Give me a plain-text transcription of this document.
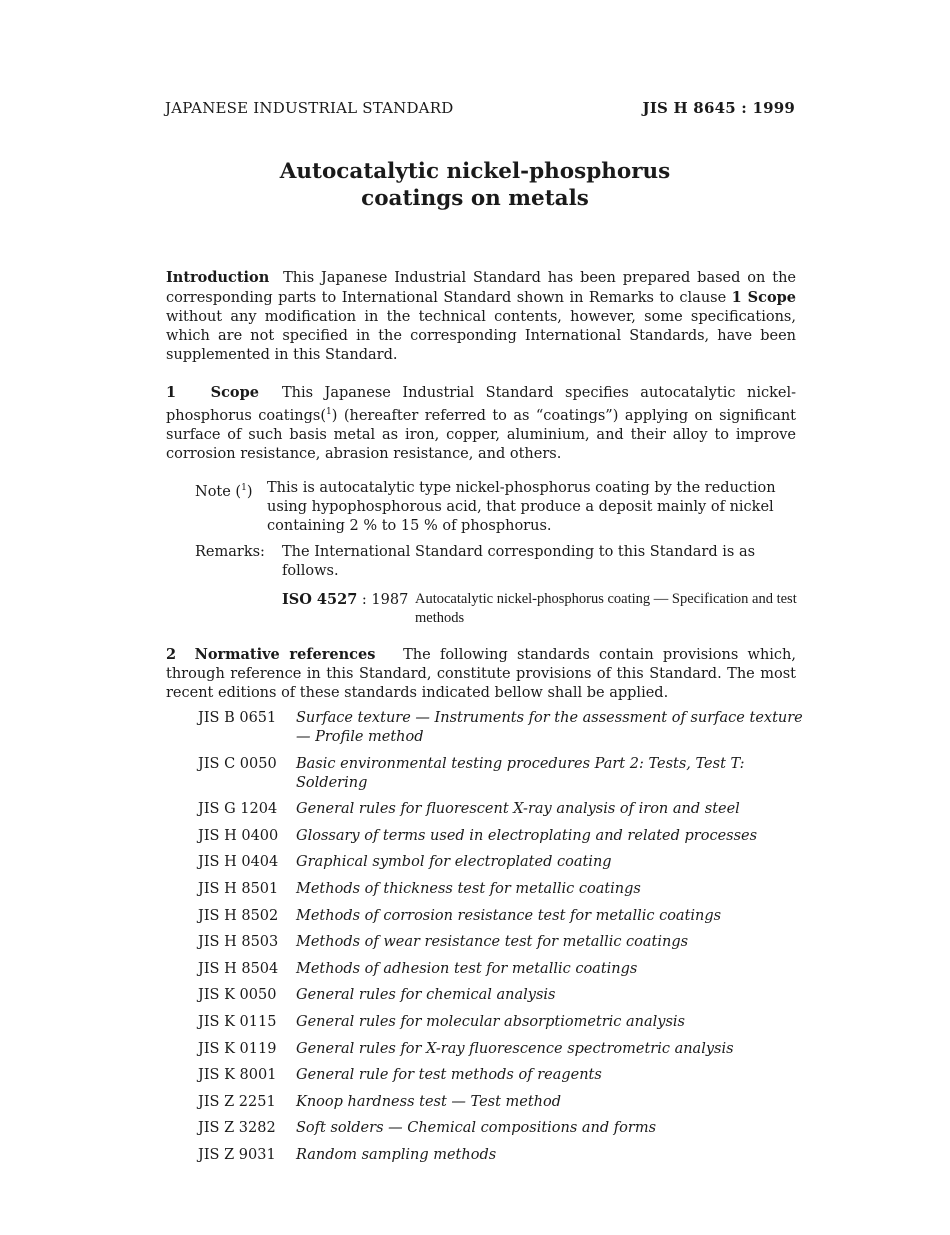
JAPANESE INDUSTRIAL STANDARD	JIS H 8645 : 1999
Autocatalytic nickel-phosphorus
coatings on metals
Introduction This Japanese Industrial Standard has been prepared based on the corresponding parts to International Standard shown in Remarks to clause 1 Scope without any modification in the technical contents, however, some specifications, which are not specified in the corresponding International Standards, have been supplemented in this Standard.
1 Scope This Japanese Industrial Standard specifies autocatalytic nickel-phosphorus coatings($^1$) (hereafter referred to as “coatings”) applying on significant surface of such basis metal as iron, copper, aluminium, and their alloy to improve corrosion resistance, abrasion resistance, and others.
Note ($^1$)	This is autocatalytic type nickel-phosphorus coating by the reduction using hypophosphorous acid, that produce a deposit mainly of nickel containing 2 % to 15 % of phosphorus.
Remarks:	The International Standard corresponding to this Standard is as follows.
ISO 4527 : 1987 Autocatalytic nickel-phosphorus coating — Specification and test methods
2 Normative references The following standards contain provisions which, through reference in this Standard, constitute provisions of this Standard. The most recent editions of these standards indicated bellow shall be applied.
JIS B 0651	Surface texture — Instruments for the assessment of surface texture — Profile method
JIS C 0050	Basic environmental testing procedures Part 2: Tests, Test T: Soldering
JIS G 1204	General rules for fluorescent X-ray analysis of iron and steel
JIS H 0400	Glossary of terms used in electroplating and related processes
JIS H 0404	Graphical symbol for electroplated coating
JIS H 8501	Methods of thickness test for metallic coatings
JIS H 8502	Methods of corrosion resistance test for metallic coatings
JIS H 8503	Methods of wear resistance test for metallic coatings
JIS H 8504	Methods of adhesion test for metallic coatings
JIS K 0050	General rules for chemical analysis
JIS K 0115	General rules for molecular absorptiometric analysis
JIS K 0119	General rules for X-ray fluorescence spectrometric analysis
JIS K 8001	General rule for test methods of reagents
JIS Z 2251	Knoop hardness test — Test method
JIS Z 3282	Soft solders — Chemical compositions and forms
JIS Z 9031	Random sampling methods
